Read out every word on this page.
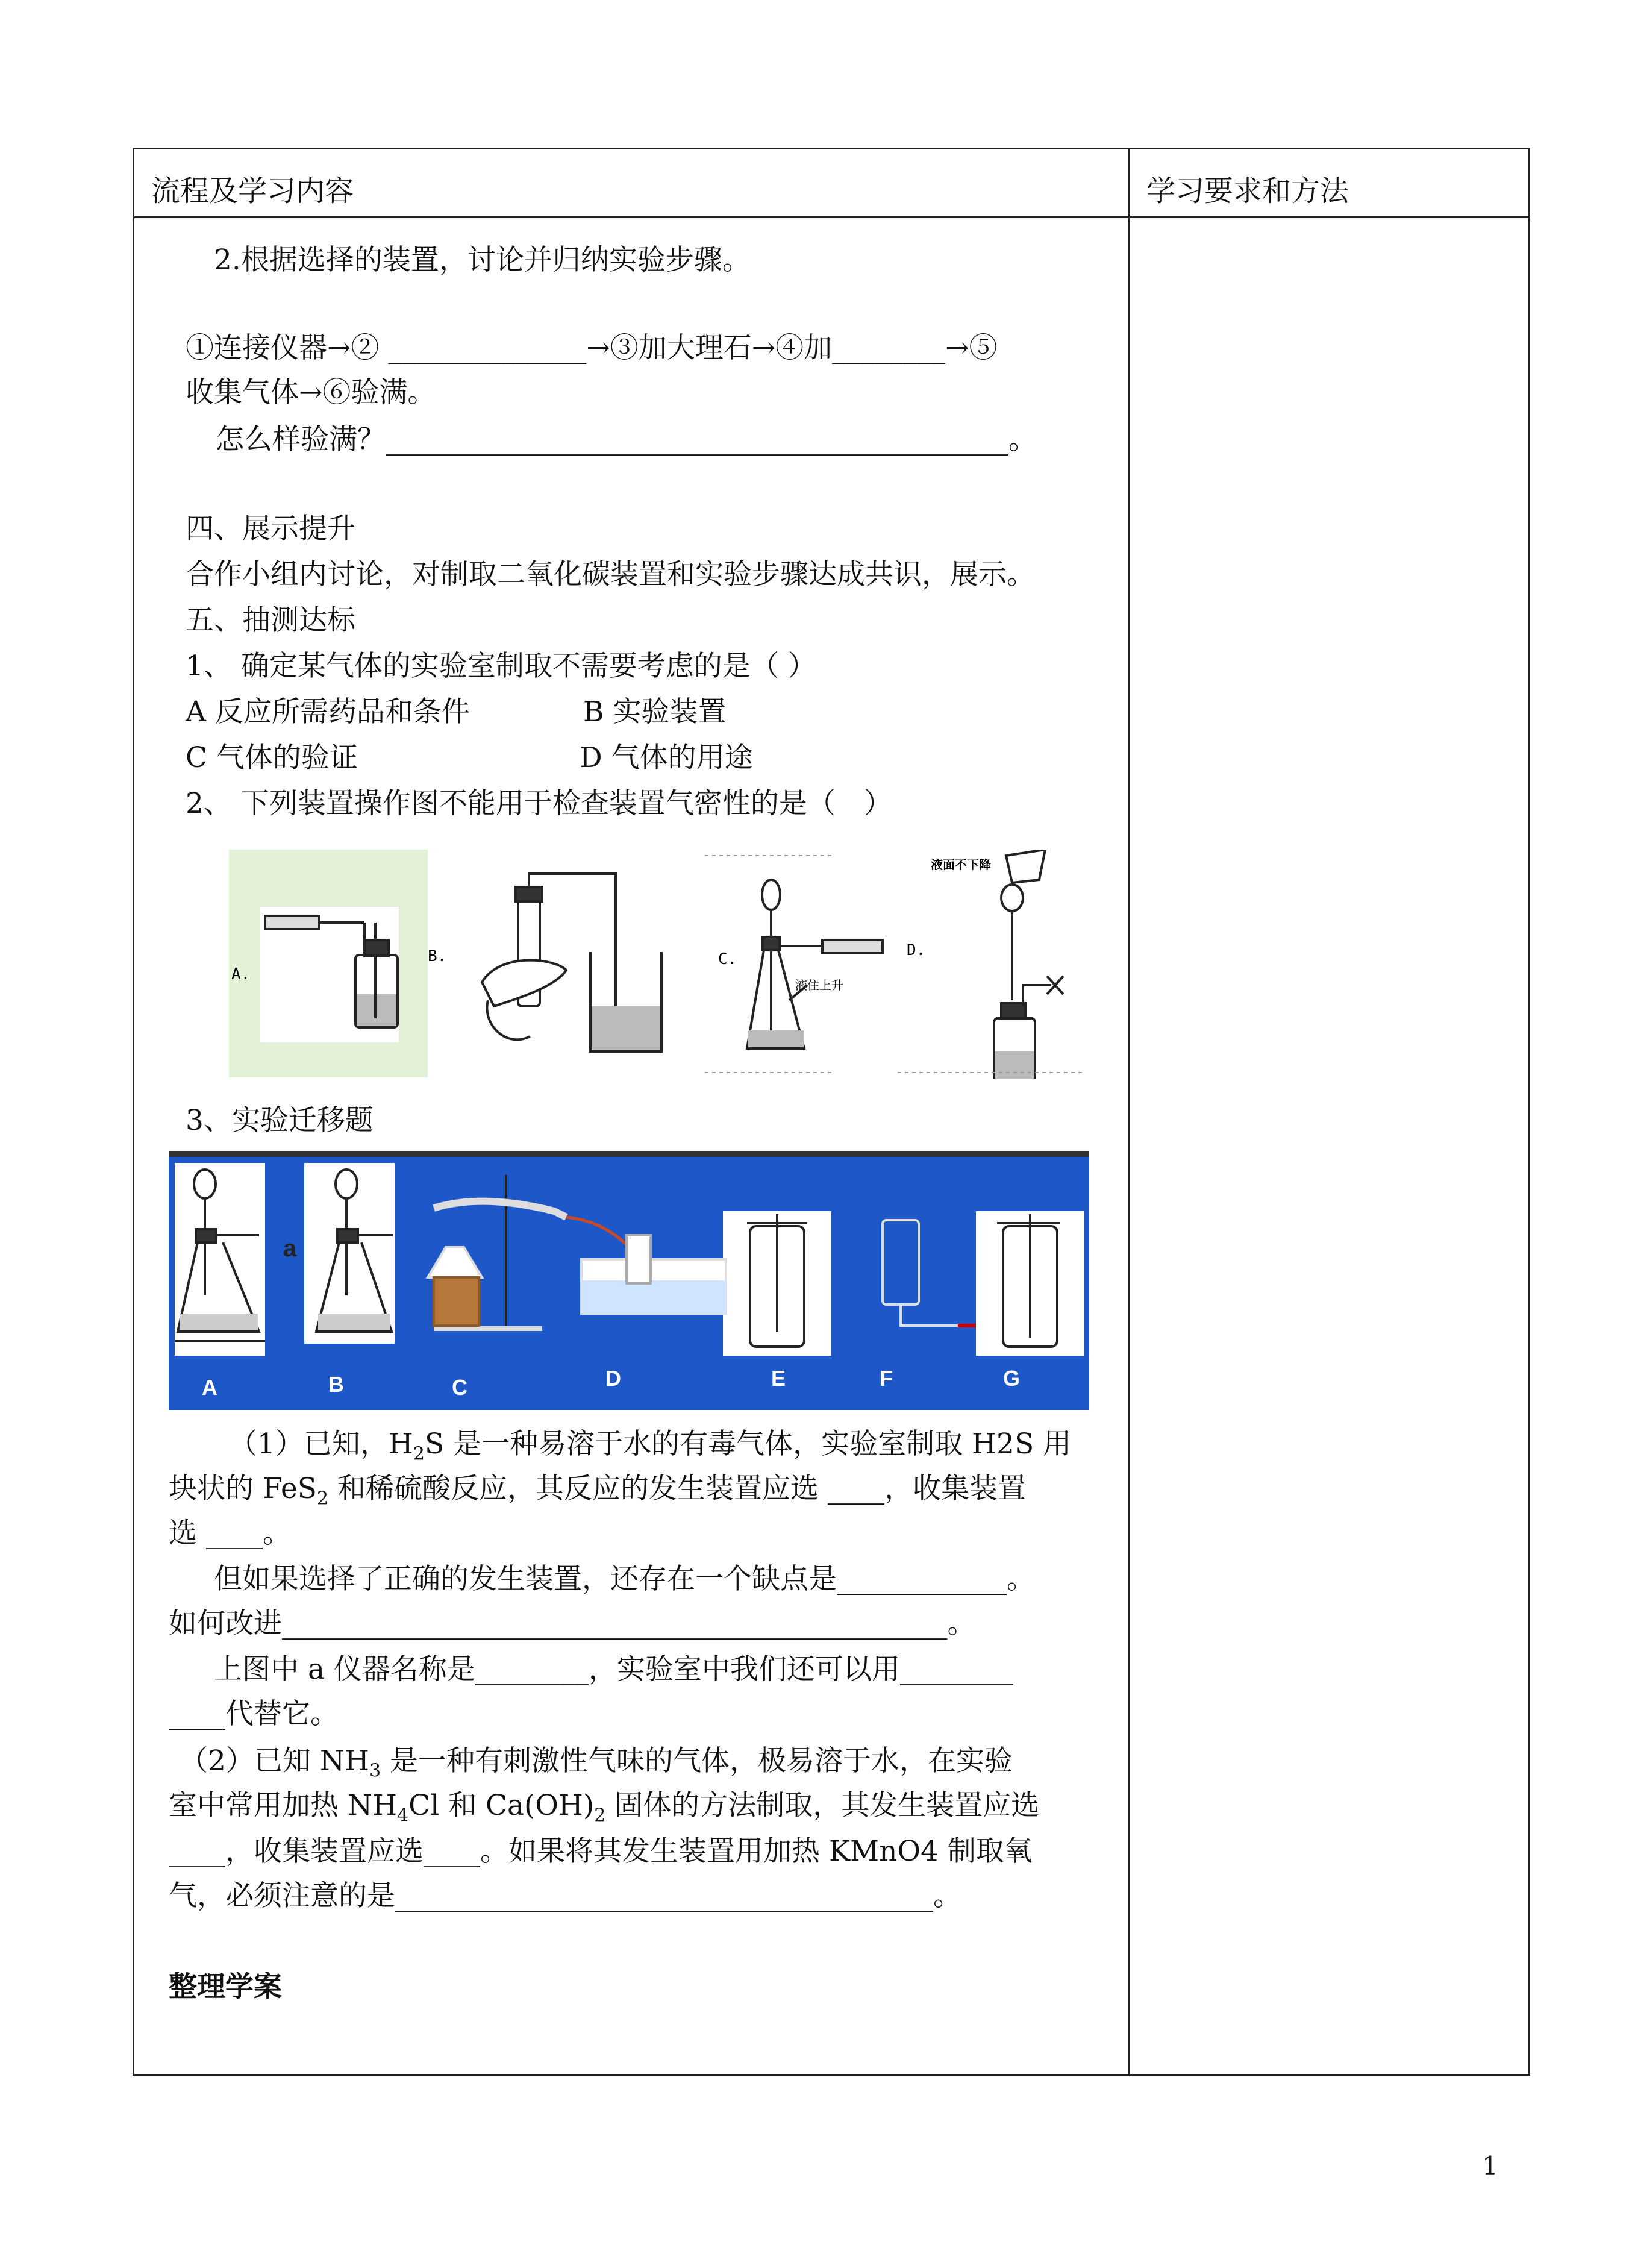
流程及学习内容	学习要求和方法
2.根据选择的装置，讨论并归纳实验步骤。
①连接仪器→② ______________→③加大理石→④加________→⑤
收集气体→⑥验满。
怎么样验满？____________________________________________。
四、展示提升
合作小组内讨论，对制取二氧化碳装置和实验步骤达成共识，展示。
五、抽测达标
1、 确定某气体的实验室制取不需要考虑的是（ ）
A 反应所需药品和条件	B 实验装置
C 气体的验证	D 气体的用途
2、 下列装置操作图不能用于检查装置气密性的是（　）
A.
B.	C.
液住上升
D.
液面不下降
3、实验迁移题
a
A	B	C	D	E	F	G
（1）已知，$H_2S$ 是一种易溶于水的有毒气体，实验室制取 H2S 用
块状的 FeS$_2$ 和稀硫酸反应，其反应的发生装置应选 ____，收集装置
选 ____。
但如果选择了正确的发生装置，还存在一个缺点是____________。
如何改进_______________________________________________。
上图中 a 仪器名称是________，实验室中我们还可以用________
____代替它。
（2）已知 $NH_3$ 是一种有刺激性气味的气体，极易溶于水，在实验
室中常用加热 $NH_4Cl$ 和 $Ca(OH)_2$ 固体的方法制取，其发生装置应选
____，收集装置应选____。如果将其发生装置用加热 KMnO4 制取氧
气，必须注意的是______________________________________。
整理学案
1
